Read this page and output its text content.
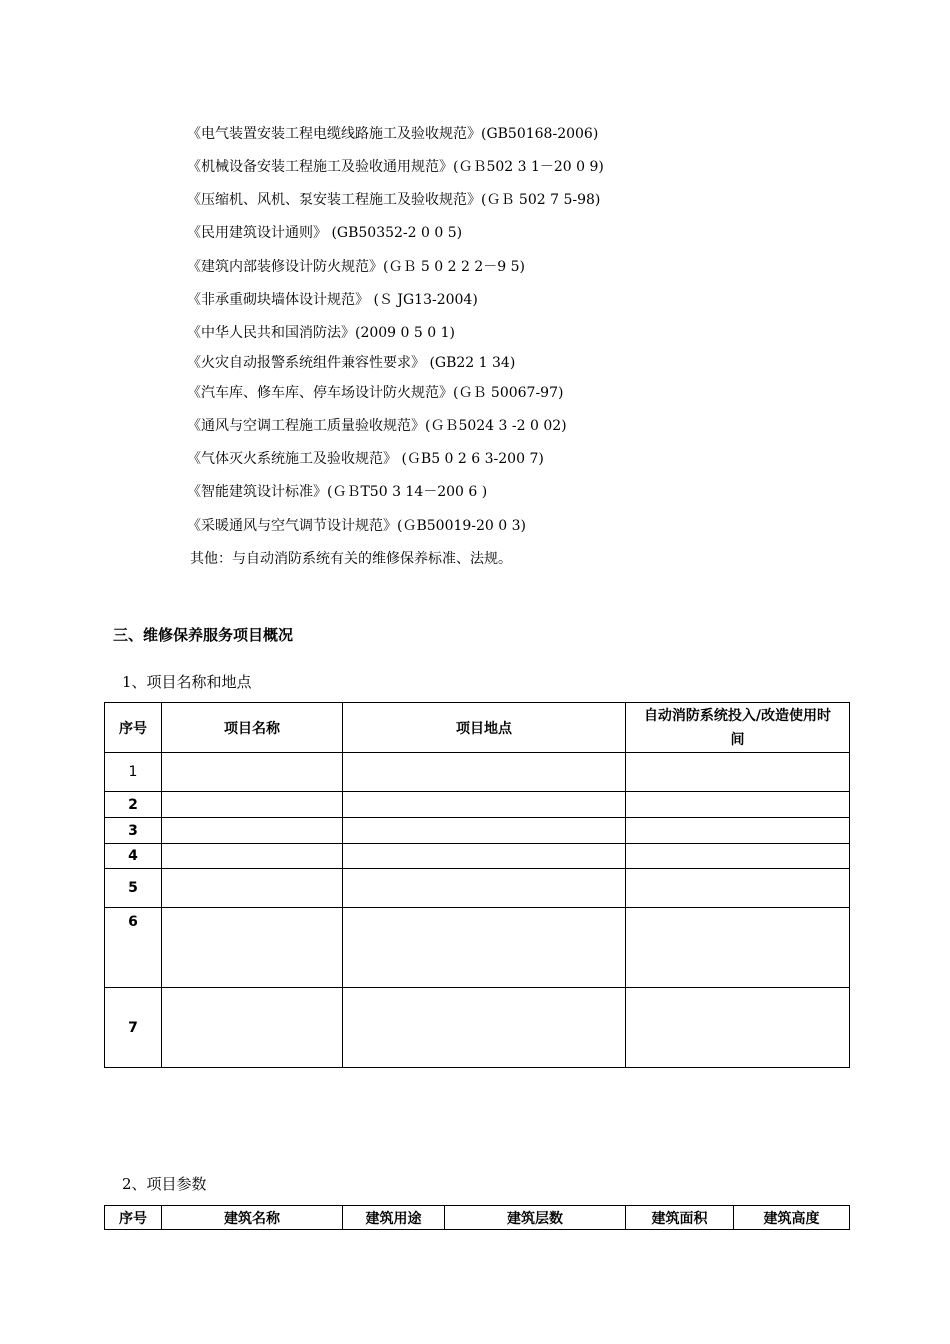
《电气装置安装工程电缆线路施工及验收规范》(GB50168-2006)
《机械设备安装工程施工及验收通用规范》(ＧＢ502 3 1－20 0 9)
《压缩机、风机、泵安装工程施工及验收规范》(ＧＢ 502 7 5-98)
《民用建筑设计通则》 (GB50352-2 0 0 5)
《建筑内部装修设计防火规范》(ＧＢ 5 0 2 2 2－9 5)
《非承重砌块墙体设计规范》 (Ｓ JG13-2004)
《中华人民共和国消防法》(2009 0 5 0 1)
《火灾自动报警系统组件兼容性要求》 (GB22 1 34)
《汽车库、修车库、停车场设计防火规范》(ＧＢ 50067-97)
《通风与空调工程施工质量验收规范》(ＧＢ5024 3 -2 0 02)
《气体灭火系统施工及验收规范》 (ＧB5 0 2 6 3-200 7)
《智能建筑设计标准》(ＧＢT50 3 14－200 6 )
《采暖通风与空气调节设计规范》(ＧB50019-20 0 3)
其他：与自动消防系统有关的维修保养标准、法规。
三、维修保养服务项目概况
1、项目名称和地点
序号	项目名称	项目地点	自动消防系统投入/改造使用时间
1			
2			
3			
4			
5			
6			
7			
2、项目参数
序号	建筑名称	建筑用途	建筑层数	建筑面积	建筑高度
